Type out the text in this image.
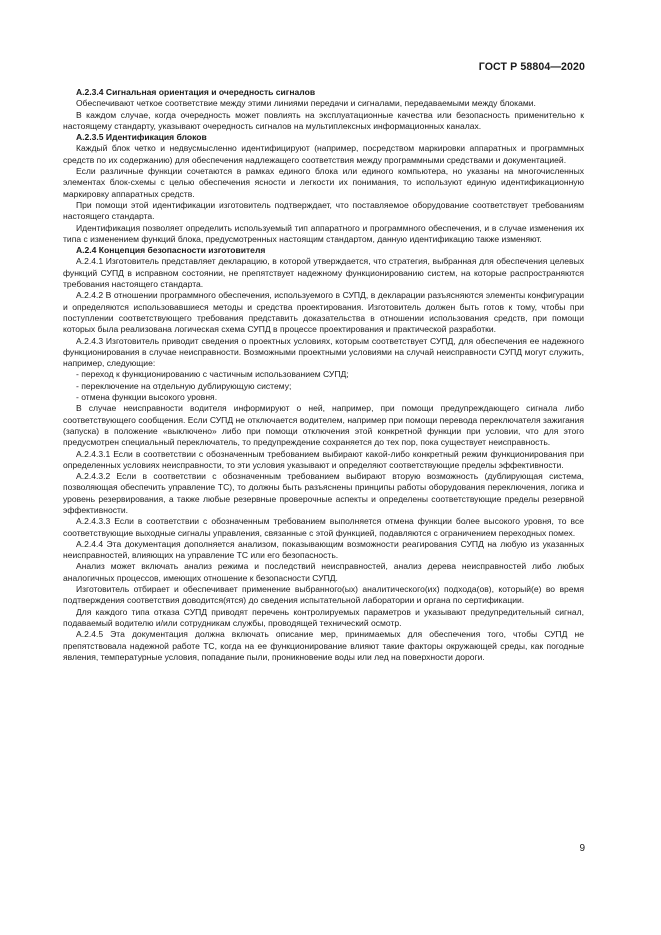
ГОСТ Р 58804—2020

А.2.3.4 Сигнальная ориентация и очередность сигналов

Обеспечивают четкое соответствие между этими линиями передачи и сигналами, передаваемыми между блоками.

В каждом случае, когда очередность может повлиять на эксплуатационные качества или безопасность применительно к настоящему стандарту, указывают очередность сигналов на мультиплексных информационных каналах.

А.2.3.5 Идентификация блоков

Каждый блок четко и недвусмысленно идентифицируют (например, посредством маркировки аппаратных и программных средств по их содержанию) для обеспечения надлежащего соответствия между программными средствами и документацией.

Если различные функции сочетаются в рамках единого блока или единого компьютера, но указаны на многочисленных элементах блок-схемы с целью обеспечения ясности и легкости их понимания, то используют единую идентификационную маркировку аппаратных средств.

При помощи этой идентификации изготовитель подтверждает, что поставляемое оборудование соответствует требованиям настоящего стандарта.

Идентификация позволяет определить используемый тип аппаратного и программного обеспечения, и в случае изменения их типа с изменением функций блока, предусмотренных настоящим стандартом, данную идентификацию также изменяют.

А.2.4 Концепция безопасности изготовителя

А.2.4.1 Изготовитель представляет декларацию, в которой утверждается, что стратегия, выбранная для обеспечения целевых функций СУПД в исправном состоянии, не препятствует надежному функционированию систем, на которые распространяются требования настоящего стандарта.

А.2.4.2 В отношении программного обеспечения, используемого в СУПД, в декларации разъясняются элементы конфигурации и определяются использовавшиеся методы и средства проектирования. Изготовитель должен быть готов к тому, чтобы при поступлении соответствующего требования представить доказательства в отношении использования средств, при помощи которых была реализована логическая схема СУПД в процессе проектирования и практической разработки.

А.2.4.3 Изготовитель приводит сведения о проектных условиях, которым соответствует СУПД, для обеспечения ее надежного функционирования в случае неисправности. Возможными проектными условиями на случай неисправности СУПД могут служить, например, следующие:

- переход к функционированию с частичным использованием СУПД;

- переключение на отдельную дублирующую систему;

- отмена функции высокого уровня.

В случае неисправности водителя информируют о ней, например, при помощи предупреждающего сигнала либо соответствующего сообщения. Если СУПД не отключается водителем, например при помощи перевода переключателя зажигания (запуска) в положение «выключено» либо при помощи отключения этой конкретной функции при условии, что для этого предусмотрен специальный переключатель, то предупреждение сохраняется до тех пор, пока существует неисправность.

А.2.4.3.1 Если в соответствии с обозначенным требованием выбирают какой-либо конкретный режим функционирования при определенных условиях неисправности, то эти условия указывают и определяют соответствующие пределы эффективности.

А.2.4.3.2 Если в соответствии с обозначенным требованием выбирают вторую возможность (дублирующая система, позволяющая обеспечить управление ТС), то должны быть разъяснены принципы работы оборудования переключения, логика и уровень резервирования, а также любые резервные проверочные аспекты и определены соответствующие пределы резервной эффективности.

А.2.4.3.3 Если в соответствии с обозначенным требованием выполняется отмена функции более высокого уровня, то все соответствующие выходные сигналы управления, связанные с этой функцией, подавляются с ограничением переходных помех.

А.2.4.4 Эта документация дополняется анализом, показывающим возможности реагирования СУПД на любую из указанных неисправностей, влияющих на управление ТС или его безопасность.

Анализ может включать анализ режима и последствий неисправностей, анализ дерева неисправностей либо любых аналогичных процессов, имеющих отношение к безопасности СУПД.

Изготовитель отбирает и обеспечивает применение выбранного(ых) аналитического(их) подхода(ов), который(е) во время подтверждения соответствия доводится(ятся) до сведения испытательной лаборатории и органа по сертификации.

Для каждого типа отказа СУПД приводят перечень контролируемых параметров и указывают предупредительный сигнал, подаваемый водителю и/или сотрудникам службы, проводящей технический осмотр.

А.2.4.5 Эта документация должна включать описание мер, принимаемых для обеспечения того, чтобы СУПД не препятствовала надежной работе ТС, когда на ее функционирование влияют такие факторы окружающей среды, как погодные явления, температурные условия, попадание пыли, проникновение воды или лед на поверхности дороги.

9
